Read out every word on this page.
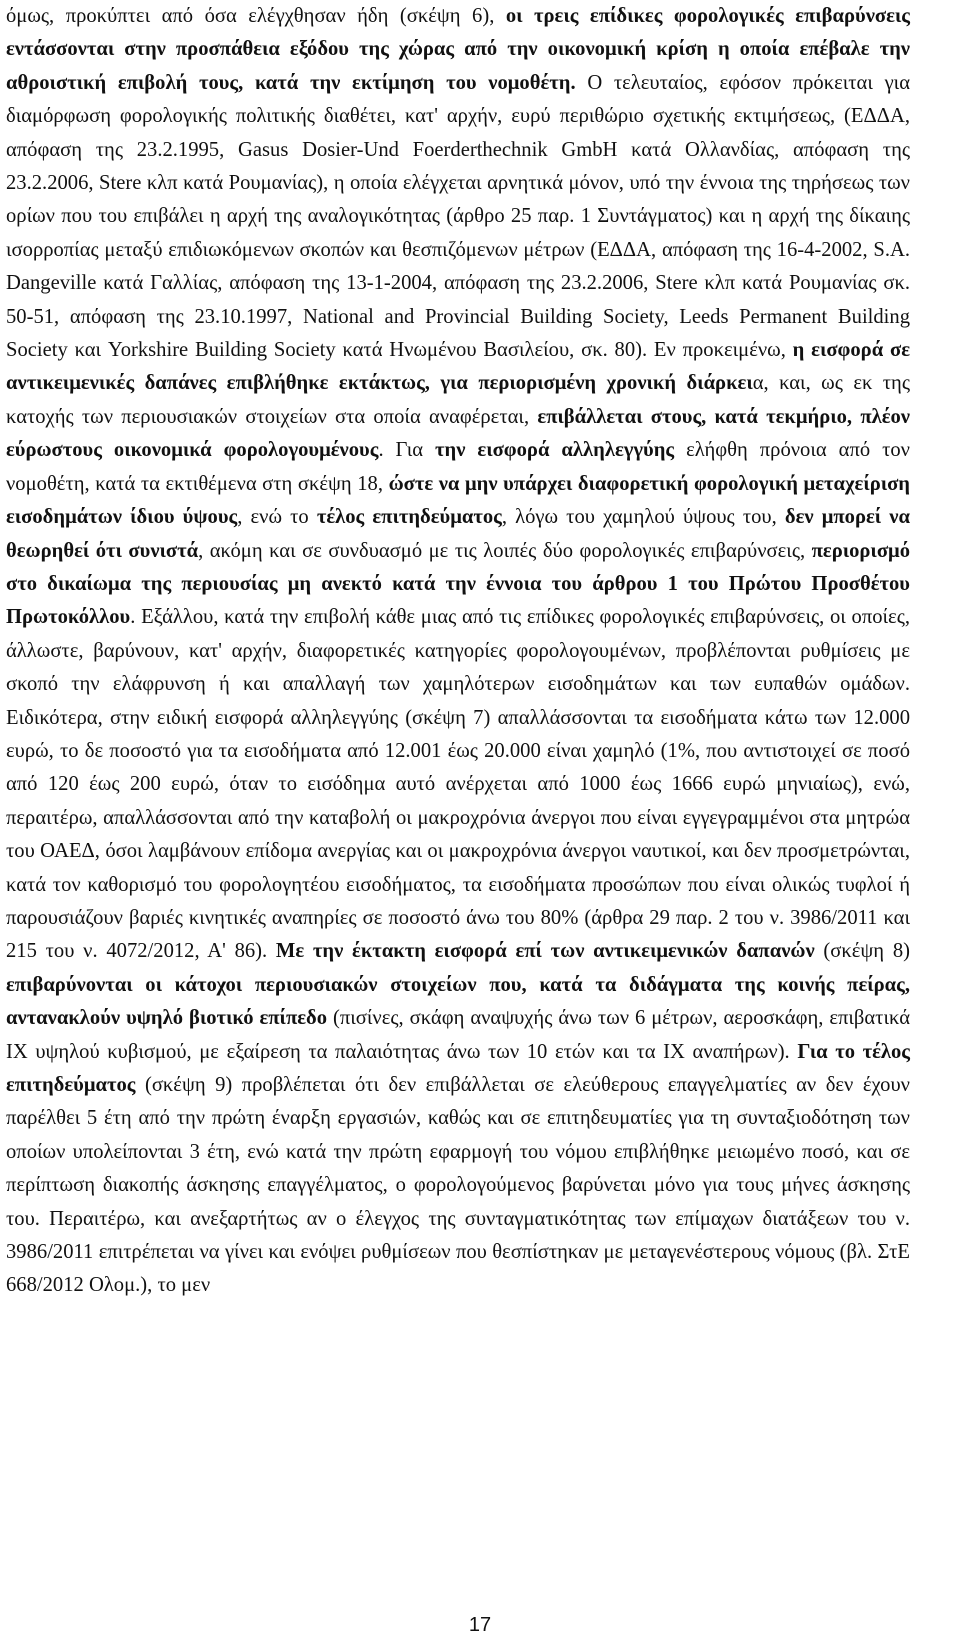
όμως, προκύπτει από όσα ελέγχθησαν ήδη (σκέψη 6), οι τρεις επίδικες φορολογικές επιβαρύνσεις εντάσσονται στην προσπάθεια εξόδου της χώρας από την οικονομική κρίση η οποία επέβαλε την αθροιστική επιβολή τους, κατά την εκτίμηση του νομοθέτη. Ο τελευταίος, εφόσον πρόκειται για διαμόρφωση φορολογικής πολιτικής διαθέτει, κατ' αρχήν, ευρύ περιθώριο σχετικής εκτιμήσεως, (ΕΔΔΑ, απόφαση της 23.2.1995, Gasus Dosier-Und Foerderthechnik GmbH κατά Ολλανδίας, απόφαση της 23.2.2006, Stere κλπ κατά Ρουμανίας), η οποία ελέγχεται αρνητικά μόνον, υπό την έννοια της τηρήσεως των ορίων που του επιβάλει η αρχή της αναλογικότητας (άρθρο 25 παρ. 1 Συντάγματος) και η αρχή της δίκαιης ισορροπίας μεταξύ επιδιωκόμενων σκοπών και θεσπιζόμενων μέτρων (ΕΔΔΑ, απόφαση της 16-4-2002, S.A. Dangeville κατά Γαλλίας, απόφαση της 13-1-2004, απόφαση της 23.2.2006, Stere κλπ κατά Ρουμανίας σκ. 50-51, απόφαση της 23.10.1997, National and Provincial Building Society, Leeds Permanent Building Society και Yorkshire Building Society κατά Ηνωμένου Βασιλείου, σκ. 80). Εν προκειμένω, η εισφορά σε αντικειμενικές δαπάνες επιβλήθηκε εκτάκτως, για περιορισμένη χρονική διάρκεια, και, ως εκ της κατοχής των περιουσιακών στοιχείων στα οποία αναφέρεται, επιβάλλεται στους, κατά τεκμήριο, πλέον εύρωστους οικονομικά φορολογουμένους. Για την εισφορά αλληλεγγύης ελήφθη πρόνοια από τον νομοθέτη, κατά τα εκτιθέμενα στη σκέψη 18, ώστε να μην υπάρχει διαφορετική φορολογική μεταχείριση εισοδημάτων ίδιου ύψους, ενώ το τέλος επιτηδεύματος, λόγω του χαμηλού ύψους του, δεν μπορεί να θεωρηθεί ότι συνιστά, ακόμη και σε συνδυασμό με τις λοιπές δύο φορολογικές επιβαρύνσεις, περιορισμό στο δικαίωμα της περιουσίας μη ανεκτό κατά την έννοια του άρθρου 1 του Πρώτου Προσθέτου Πρωτοκόλλου. Εξάλλου, κατά την επιβολή κάθε μιας από τις επίδικες φορολογικές επιβαρύνσεις, οι οποίες, άλλωστε, βαρύνουν, κατ' αρχήν, διαφορετικές κατηγορίες φορολογουμένων, προβλέπονται ρυθμίσεις με σκοπό την ελάφρυνση ή και απαλλαγή των χαμηλότερων εισοδημάτων και των ευπαθών ομάδων. Ειδικότερα, στην ειδική εισφορά αλληλεγγύης (σκέψη 7) απαλλάσσονται τα εισοδήματα κάτω των 12.000 ευρώ, το δε ποσοστό για τα εισοδήματα από 12.001 έως 20.000 είναι χαμηλό (1%, που αντιστοιχεί σε ποσό από 120 έως 200 ευρώ, όταν το εισόδημα αυτό ανέρχεται από 1000 έως 1666 ευρώ μηνιαίως), ενώ, περαιτέρω, απαλλάσσονται από την καταβολή οι μακροχρόνια άνεργοι που είναι εγγεγραμμένοι στα μητρώα του ΟΑΕΔ, όσοι λαμβάνουν επίδομα ανεργίας και οι μακροχρόνια άνεργοι ναυτικοί, και δεν προσμετρώνται, κατά τον καθορισμό του φορολογητέου εισοδήματος, τα εισοδήματα προσώπων που είναι ολικώς τυφλοί ή παρουσιάζουν βαριές κινητικές αναπηρίες σε ποσοστό άνω του 80% (άρθρα 29 παρ. 2 του ν. 3986/2011 και 215 του ν. 4072/2012, Α' 86). Με την έκτακτη εισφορά επί των αντικειμενικών δαπανών (σκέψη 8) επιβαρύνονται οι κάτοχοι περιουσιακών στοιχείων που, κατά τα διδάγματα της κοινής πείρας, αντανακλούν υψηλό βιοτικό επίπεδο (πισίνες, σκάφη αναψυχής άνω των 6 μέτρων, αεροσκάφη, επιβατικά ΙΧ υψηλού κυβισμού, με εξαίρεση τα παλαιότητας άνω των 10 ετών και τα ΙΧ αναπήρων). Για το τέλος επιτηδεύματος (σκέψη 9) προβλέπεται ότι δεν επιβάλλεται σε ελεύθερους επαγγελματίες αν δεν έχουν παρέλθει 5 έτη από την πρώτη έναρξη εργασιών, καθώς και σε επιτηδευματίες για τη συνταξιοδότηση των οποίων υπολείπονται 3 έτη, ενώ κατά την πρώτη εφαρμογή του νόμου επιβλήθηκε μειωμένο ποσό, και σε περίπτωση διακοπής άσκησης επαγγέλματος, ο φορολογούμενος βαρύνεται μόνο για τους μήνες άσκησης του. Περαιτέρω, και ανεξαρτήτως αν ο έλεγχος της συνταγματικότητας των επίμαχων διατάξεων του ν. 3986/2011 επιτρέπεται να γίνει και ενόψει ρυθμίσεων που θεσπίστηκαν με μεταγενέστερους νόμους (βλ. ΣτΕ 668/2012 Ολομ.), το μεν

17
